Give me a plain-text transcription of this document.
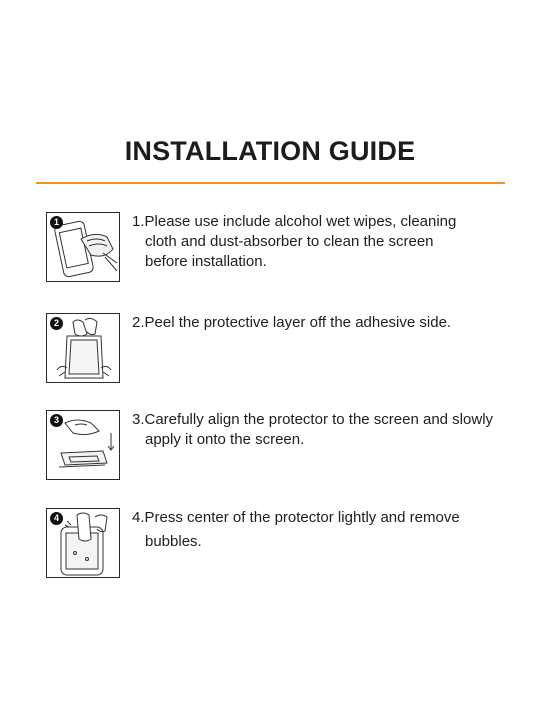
INSTALLATION GUIDE
1	1.Please use include alcohol wet wipes, cleaning
cloth and dust-absorber to clean the screen
before installation.
2	2.Peel the protective layer off the adhesive side.
3	3.Carefully align the protector to the screen and slowly
apply it onto the screen.
4	4.Press center of the protector lightly and remove
bubbles.
